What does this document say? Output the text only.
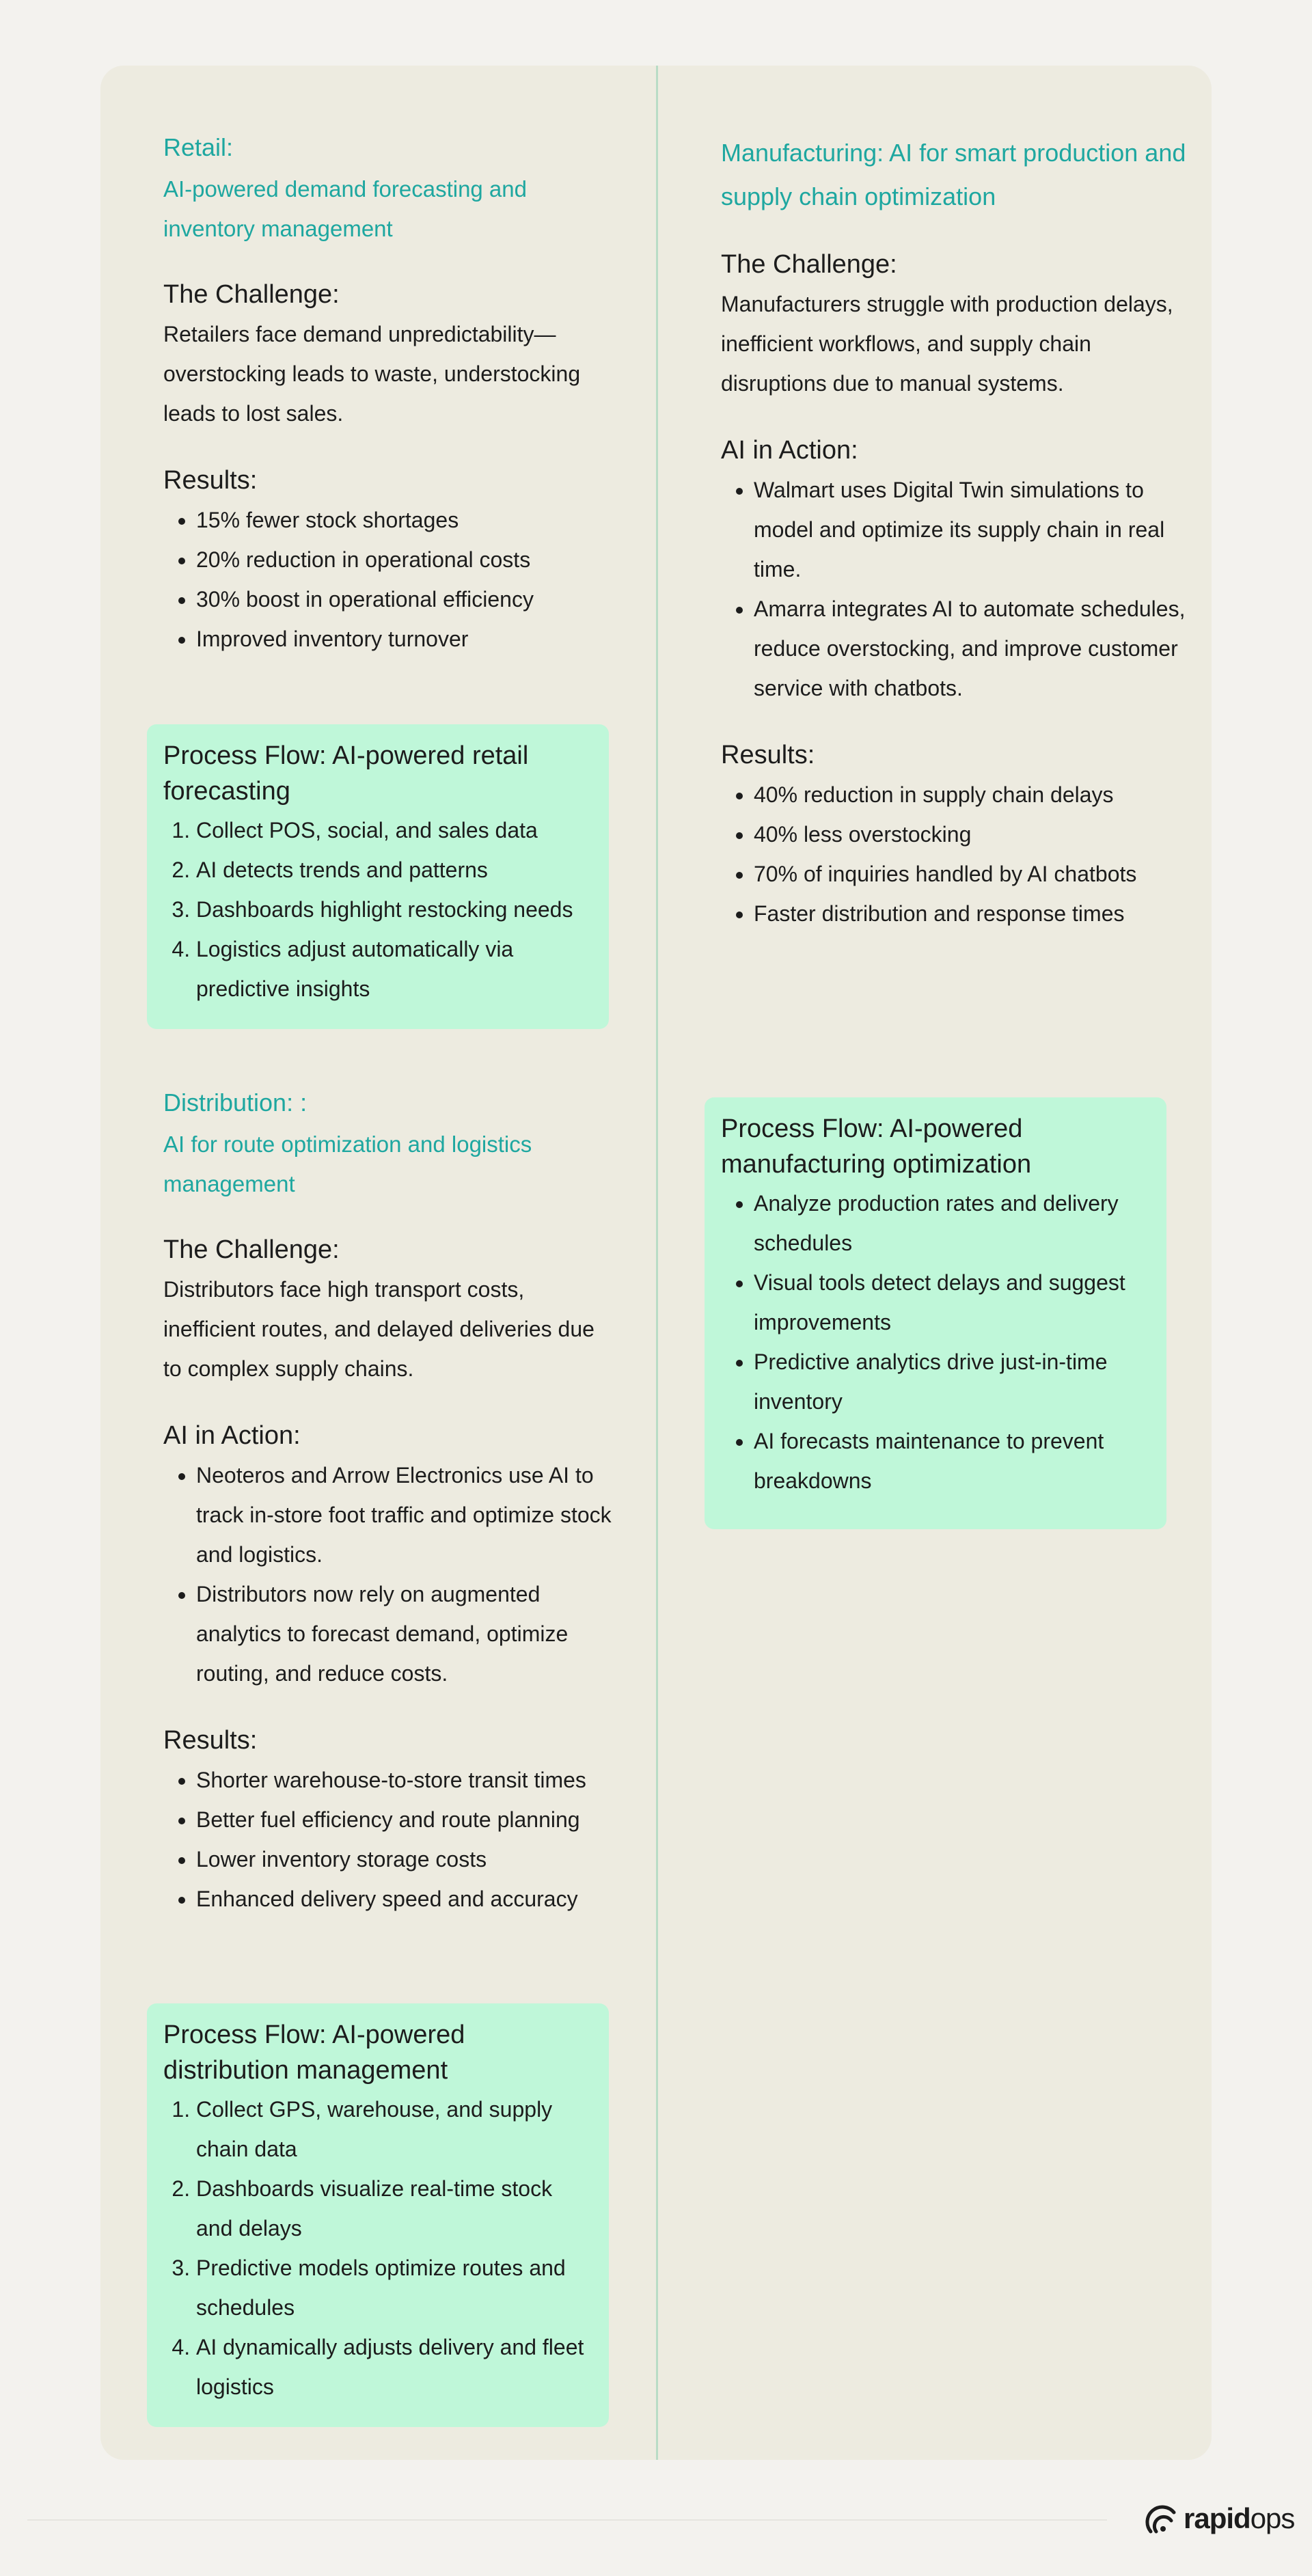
Retail:

AI-powered demand forecasting and inventory management

The Challenge:

Retailers face demand unpredictability—overstocking leads to waste, understocking leads to lost sales.

Results:

• 15% fewer stock shortages
• 20% reduction in operational costs
• 30% boost in operational efficiency
• Improved inventory turnover

Process Flow: AI-powered retail forecasting

1. Collect POS, social, and sales data
2. AI detects trends and patterns
3. Dashboards highlight restocking needs
4. Logistics adjust automatically via predictive insights

Distribution: :

AI for route optimization and logistics management

The Challenge:

Distributors face high transport costs, inefficient routes, and delayed deliveries due to complex supply chains.

AI in Action:

• Neoteros and Arrow Electronics use AI to track in-store foot traffic and optimize stock and logistics.
• Distributors now rely on augmented analytics to forecast demand, optimize routing, and reduce costs.

Results:

• Shorter warehouse-to-store transit times
• Better fuel efficiency and route planning
• Lower inventory storage costs
• Enhanced delivery speed and accuracy

Process Flow: AI-powered distribution management

1. Collect GPS, warehouse, and supply chain data
2. Dashboards visualize real-time stock and delays
3. Predictive models optimize routes and schedules
4. AI dynamically adjusts delivery and fleet logistics

Manufacturing: AI for smart production and supply chain optimization

The Challenge:

Manufacturers struggle with production delays, inefficient workflows, and supply chain disruptions due to manual systems.

AI in Action:

• Walmart uses Digital Twin simulations to model and optimize its supply chain in real time.
• Amarra integrates AI to automate schedules, reduce overstocking, and improve customer service with chatbots.

Results:

• 40% reduction in supply chain delays
• 40% less overstocking
• 70% of inquiries handled by AI chatbots
• Faster distribution and response times

Process Flow: AI-powered manufacturing optimization

• Analyze production rates and delivery schedules
• Visual tools detect delays and suggest improvements
• Predictive analytics drive just-in-time inventory
• AI forecasts maintenance to prevent breakdowns
rapidops
